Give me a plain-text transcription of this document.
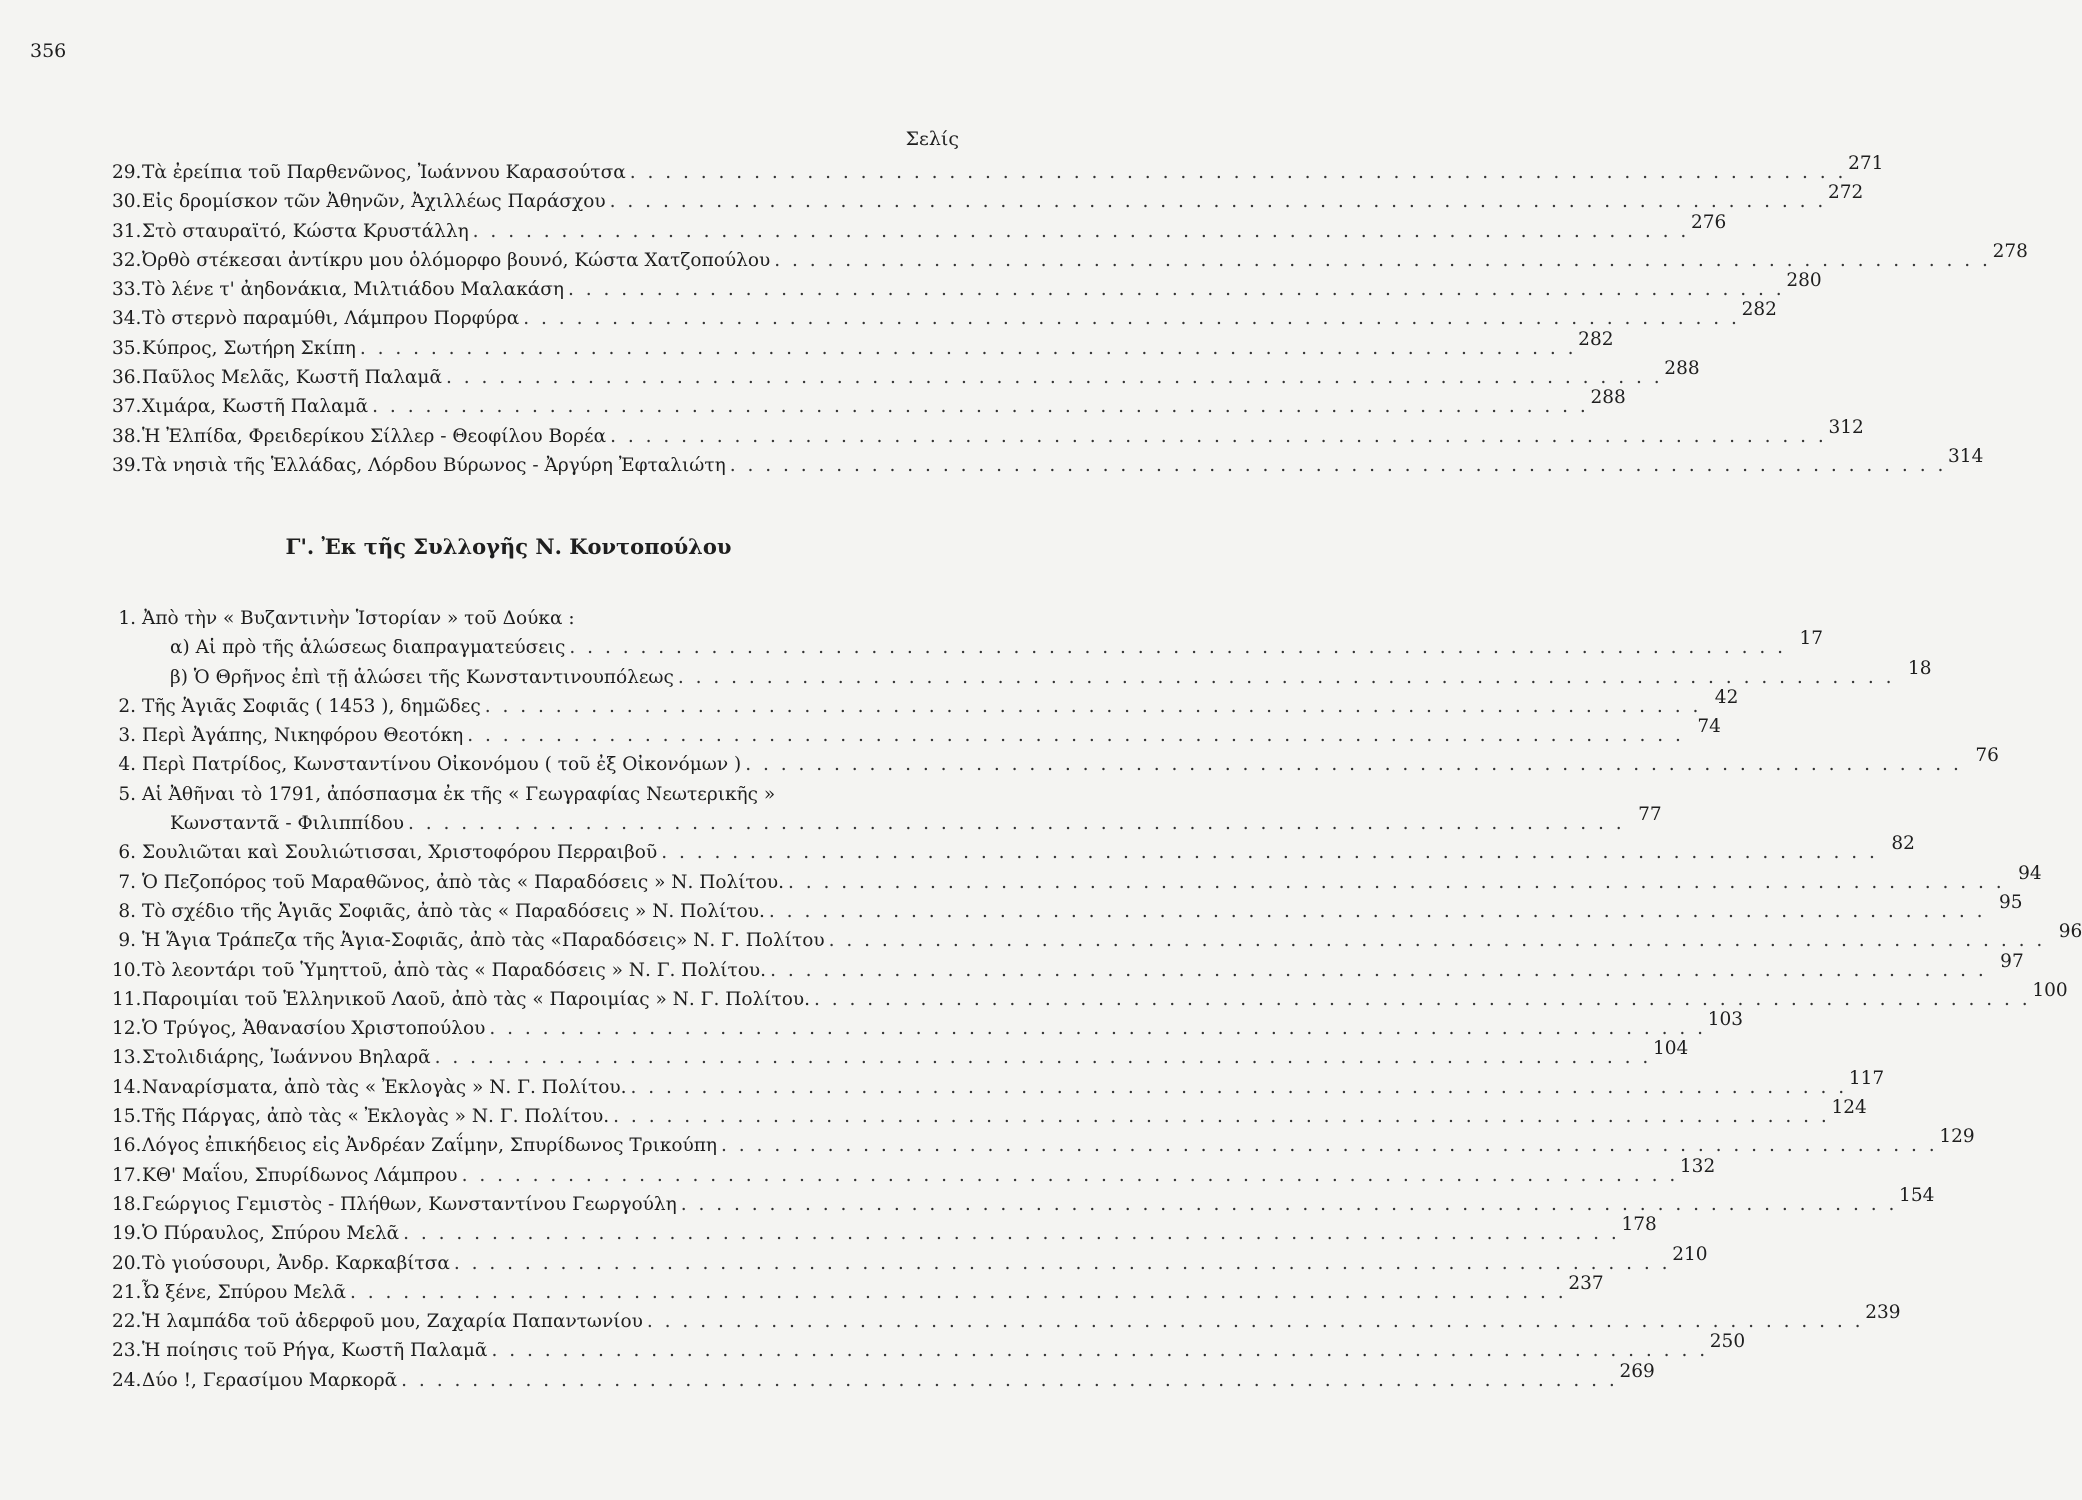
356
Σελίς
29. Τὰ ἐρείπια τοῦ Παρθενῶνος, Ἰωάννου Καρασούτσα . . .	271
30. Εἰς δρομίσκον τῶν Ἀθηνῶν, Ἀχιλλέως Παράσχου . . .	272
31. Στὸ σταυραϊτό, Κώστα Κρυστάλλη . . .	276
32. Ὀρθὸ στέκεσαι ἀντίκρυ μου ὁλόμορφο βουνό, Κώστα Χατζοπούλου . . .	278
33. Τὸ λένε τ' ἀηδονάκια, Μιλτιάδου Μαλακάση . . .	280
34. Τὸ στερνὸ παραμύθι, Λάμπρου Πορφύρα . . .	282
35. Κύπρος, Σωτήρη Σκίπη . . .	282
36. Παῦλος Μελᾶς, Κωστῆ Παλαμᾶ . . .	288
37. Χιμάρα, Κωστῆ Παλαμᾶ . . .	288
38. Ἡ Ἐλπίδα, Φρειδερίκου Σίλλερ - Θεοφίλου Βορέα . . .	312
39. Τὰ νησιὰ τῆς Ἑλλάδας, Λόρδου Βύρωνος - Ἀργύρη Ἐφταλιώτη . . .	314
Γ'. Ἐκ τῆς Συλλογῆς Ν. Κοντοπούλου
1. Ἀπὸ τὴν « Βυζαντινὴν Ἱστορίαν » τοῦ Δούκα :
α) Αἱ πρὸ τῆς ἁλώσεως διαπραγματεύσεις . . .	17
β) Ὁ Θρῆνος ἐπὶ τῇ ἁλώσει τῆς Κωνσταντινουπόλεως . . .	18
2. Τῆς Ἁγιᾶς Σοφιᾶς ( 1453 ), δημῶδες . . .	42
3. Περὶ Ἀγάπης, Νικηφόρου Θεοτόκη . . .	74
4. Περὶ Πατρίδος, Κωνσταντίνου Οἰκονόμου ( τοῦ ἐξ Οἰκονόμων ) . . .	76
5. Αἱ Ἀθῆναι τὸ 1791, ἀπόσπασμα ἐκ τῆς « Γεωγραφίας Νεωτερικῆς »
Κωνσταντᾶ - Φιλιππίδου . . .	77
6. Σουλιῶται καὶ Σουλιώτισσαι, Χριστοφόρου Περραιβοῦ . . .	82
7. Ὁ Πεζοπόρος τοῦ Μαραθῶνος, ἀπὸ τὰς « Παραδόσεις » Ν. Πολίτου. . . .	94
8. Τὸ σχέδιο τῆς Ἁγιᾶς Σοφιᾶς, ἀπὸ τὰς « Παραδόσεις » Ν. Πολίτου. . . .	95
9. Ἡ Ἅγια Τράπεζα τῆς Ἁγια-Σοφιᾶς, ἀπὸ τὰς «Παραδόσεις» Ν. Γ. Πολίτου . . .	96
10. Τὸ λεοντάρι τοῦ Ὑμηττοῦ, ἀπὸ τὰς « Παραδόσεις » Ν. Γ. Πολίτου. . . .	97
11. Παροιμίαι τοῦ Ἑλληνικοῦ Λαοῦ, ἀπὸ τὰς « Παροιμίας » Ν. Γ. Πολίτου. . . .	100
12. Ὁ Τρύγος, Ἀθανασίου Χριστοπούλου . . .	103
13. Στολιδιάρης, Ἰωάννου Βηλαρᾶ . . .	104
14. Ναναρίσματα, ἀπὸ τὰς « Ἐκλογὰς » Ν. Γ. Πολίτου. . . .	117
15. Τῆς Πάργας, ἀπὸ τὰς « Ἐκλογὰς » Ν. Γ. Πολίτου. . . .	124
16. Λόγος ἐπικήδειος εἰς Ἀνδρέαν Ζαΐμην, Σπυρίδωνος Τρικούπη . . .	129
17. ΚΘ' Μαΐου, Σπυρίδωνος Λάμπρου . . .	132
18. Γεώργιος Γεμιστὸς - Πλήθων, Κωνσταντίνου Γεωργούλη . . .	154
19. Ὁ Πύραυλος, Σπύρου Μελᾶ . . .	178
20. Τὸ γιούσουρι, Ἀνδρ. Καρκαβίτσα . . .	210
21. Ὦ ξένε, Σπύρου Μελᾶ . . .	237
22. Ἡ λαμπάδα τοῦ ἀδερφοῦ μου, Ζαχαρία Παπαντωνίου . . .	239
23. Ἡ ποίησις τοῦ Ρήγα, Κωστῆ Παλαμᾶ . . .	250
24. Δύο !, Γερασίμου Μαρκορᾶ . . .	269
